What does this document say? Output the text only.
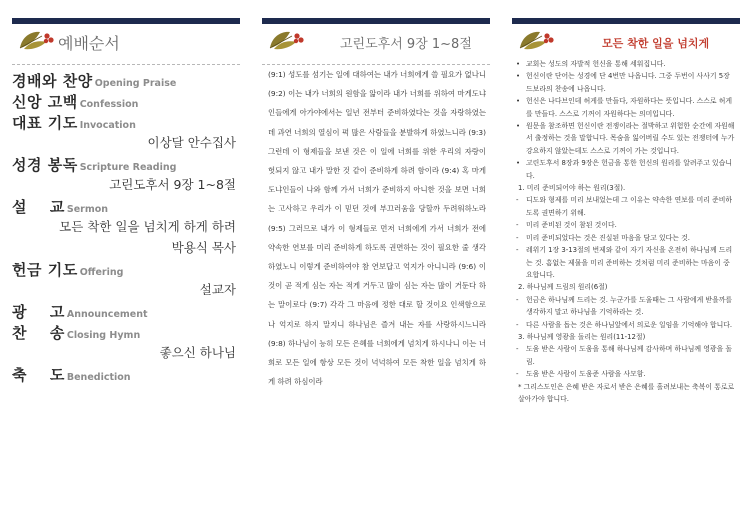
예배순서
경배와 찬양 Opening Praise
신앙 고백 Confession
대표 기도 Invocation
이상달 안수집사
성경 봉독 Scripture Reading
고린도후서 9장 1~8절
설    교 Sermon
모든 착한 일을 넘치게 하게 하려
박용식 목사
헌금 기도 Offering
설교자
광    고 Announcement
찬    송 Closing Hymn
좋으신 하나님
축    도 Benediction
고린도후서 9장 1~8절
(9:1) 성도를 섬기는 일에 대하여는 내가 너희에게 쓸 필요가 없나니 (9:2) 이는 내가 너희의 원함을 앎이라 내가 너희를 위하여 마게도냐인들에게 아가야에서는 일년 전부터 준비하였다는 것을 자랑하였는데 과연 너희의 열심이 퍽 많은 사람들을 분발하게 하였느니라 (9:3) 그런데 이 형제들을 보낸 것은 이 일에 너희를 위한 우리의 자랑이 헛되지 않고 내가 말한 것 같이 준비하게 하려 함이라 (9:4) 혹 마게도냐인들이 나와 함께 가서 너희가 준비하지 아니한 것을 보면 너희는 고사하고 우리가 이 믿던 것에 부끄러움을 당할까 두려워하노라 (9:5) 그러므로 내가 이 형제들로 먼저 너희에게 가서 너희가 전에 약속한 연보를 미리 준비하게 하도록 권면하는 것이 필요한 줄 생각하였노니 이렇게 준비하여야 참 연보답고 억지가 아니니라 (9:6) 이것이 곧 적게 심는 자는 적게 거두고 많이 심는 자는 많이 거둔다 하는 말이로다 (9:7) 각각 그 마음에 정한 대로 할 것이요 인색함으로나 억지로 하지 말지니 하나님은 즐겨 내는 자를 사랑하시느니라 (9:8) 하나님이 능히 모든 은혜를 너희에게 넘치게 하시나니 이는 너희로 모든 일에 항상 모든 것이 넉넉하여 모든 착한 일을 넘치게 하게 하려 하심이라
모든 착한 일을 넘치게
• 교회는 성도의 자발적 헌신을 통해 세워집니다.
• 헌신이란 단어는 성경에 단 4번만 나옵니다. 그중 두번이 사사기 5장 드보라의 찬송에 나옵니다.
• 헌신은 나다브인데 허게를 만들다, 자원하다는 뜻입니다. 스스로 허게를 만들다. 스스로 기꺼이 자원하다는 의미입니다.
• 원문을 참조하면 헌신이란 전쟁이라는 절박하고 위험한 순간에 자원해서 출정하는 것을 말합니다. 목숨을 잃어버릴 수도 있는 전쟁터에 누가 강요하지 않았는데도 스스로 기꺼이 가는 것입니다.
• 고린도후서 8장과 9장은 헌금을 통한 헌신의 원리를 알려주고 있습니다.
1. 미리 준비되어야 하는 원리(3절).
- 디도와 형제를 미리 보내었는데 그 이유는 약속한 연보를 미리 준비하도록 권면하기 위해.
- 미리 준비된 것이 참된 것이다.
- 미리 준비되었다는 것은 진실된 마음을 담고 있다는 것.
- 레위기 1장 3-13절의 번제와 같이 자기 자신을 온전히 하나님께 드리는 것. 흠없는 제물을 미리 준비하는 것처럼 미리 준비하는 마음이 중요합니다.
2. 하나님께 드림의 원리(6절)
- 헌금은 하나님께 드리는 것. 누군가를 도울때는 그 사람에게 받을까를 생각하지 말고 하나님을 기억하라는 것.
- 다른 사람을 돕는 것은 하나님앞에서 의로운 일임을 기억해야 합니다.
3. 하나님께 영광을 돌리는 원리(11-12절)
- 도움 받은 사람이 도움을 통해 하나님께 감사하며 하나님께 영광을 돌림.
- 도움 받은 사람이 도움준 사람을 사모함.
* 그리스도인은 은혜 받은 자로서 받은 은혜를 흘려보내는 축복이 통로로 살아가야 합니다.
